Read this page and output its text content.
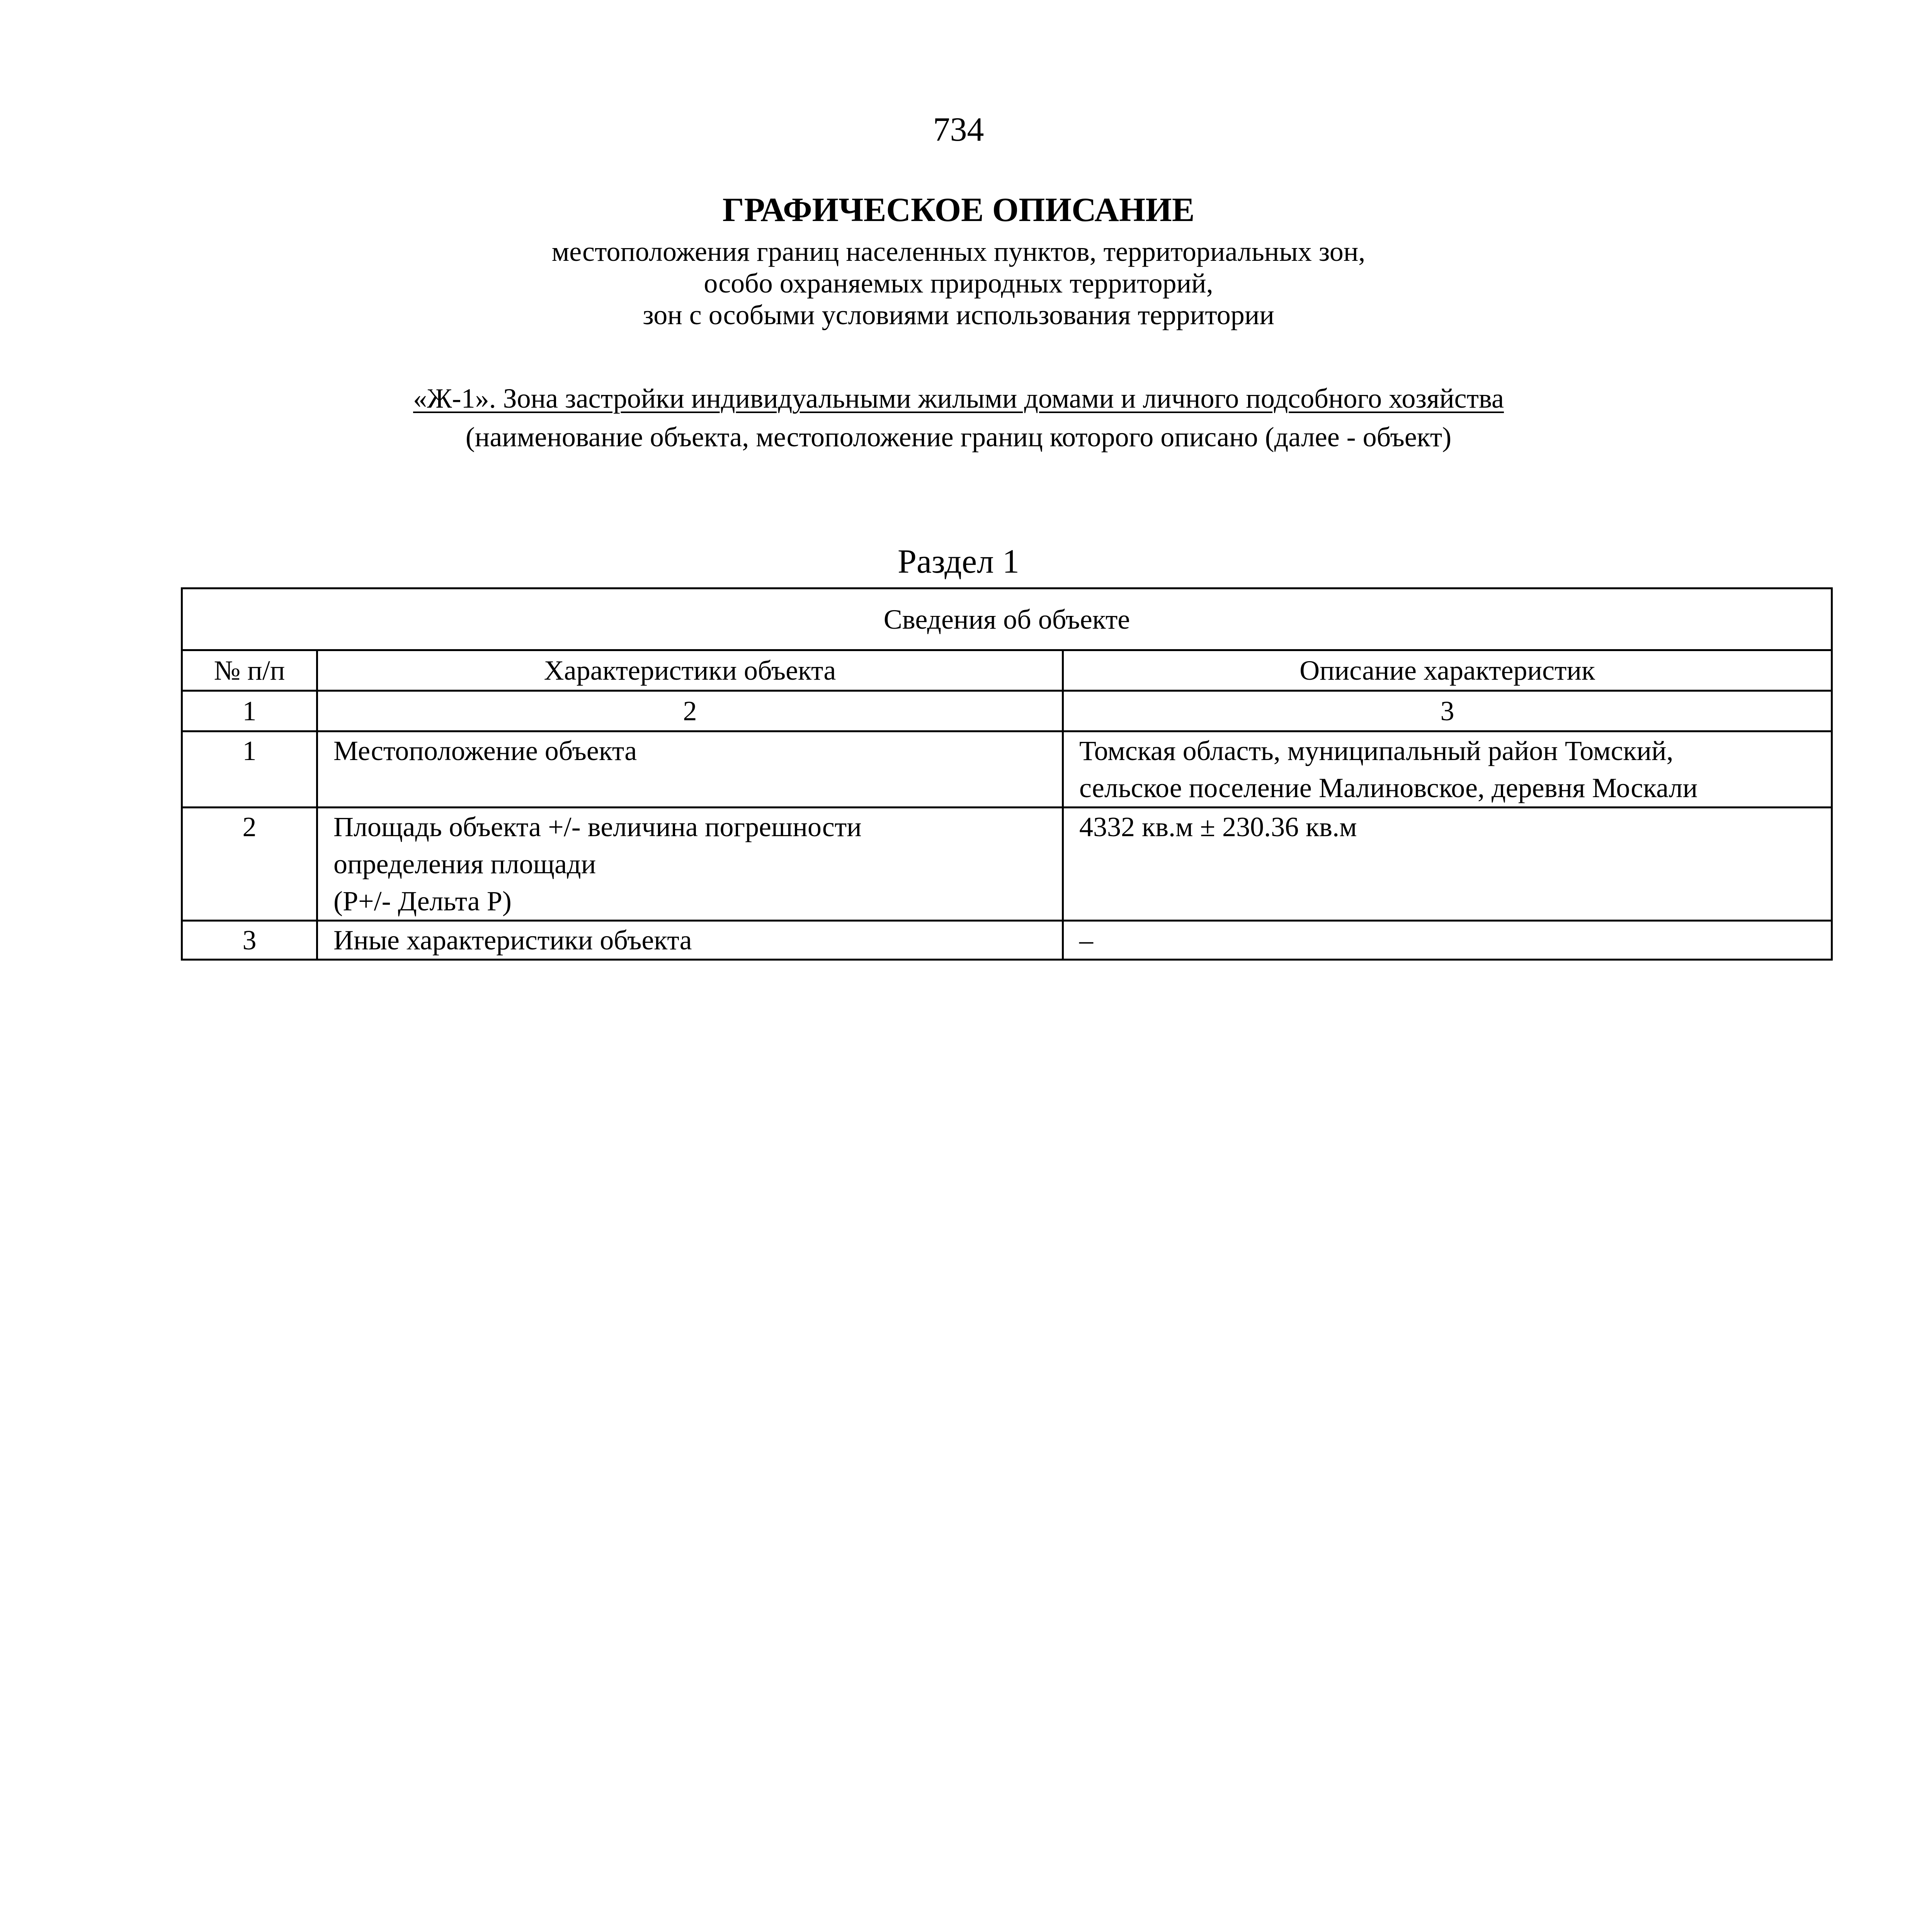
734
ГРАФИЧЕСКОЕ ОПИСАНИЕ
местоположения границ населенных пунктов, территориальных зон,
особо охраняемых природных территорий,
зон с особыми условиями использования территории
«Ж-1». Зона застройки индивидуальными жилыми домами и личного подсобного хозяйства
(наименование объекта, местоположение границ которого описано (далее - объект)
Раздел 1
Сведения об объекте		
№ п/п	Характеристики объекта	Описание характеристик
1	2	3
1	Местоположение объекта	Томская область, муниципальный район Томский,
сельское поселение Малиновское, деревня Москали

2	Площадь объекта +/- величина погрешности
определения площади
(P+/- Дельта P)	4332 кв.м ± 230.36 кв.м

3	Иные характеристики объекта	–
